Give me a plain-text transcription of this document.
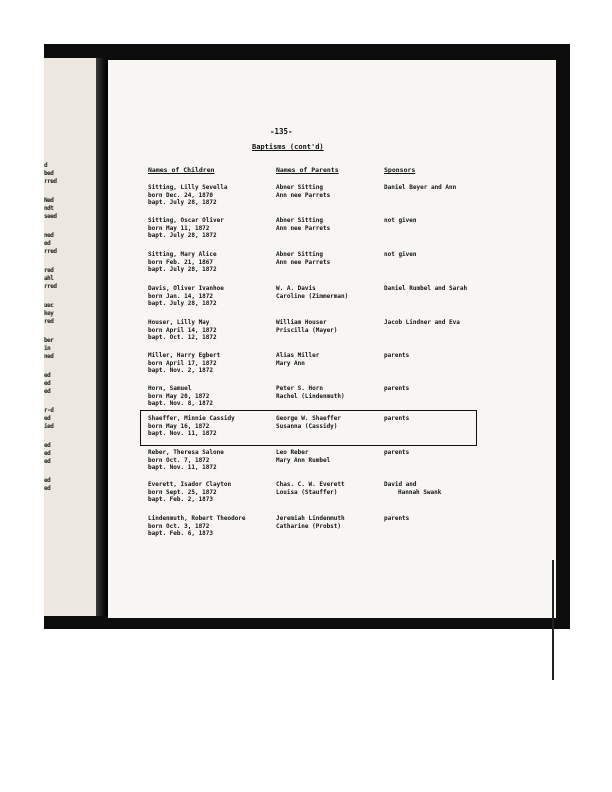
d
bed
rred
Ned
ndt
seed
ned
ed
rred
red
ahl
rred
uec
key
red
ber
in
ned
ed
ed
ed
r-d
ed
ied
ed
ed
ed
ed
ed
-135-
Baptisms (cont'd)
Names of Children	Names of Parents	Sponsors
Sitting, Lilly Sevella
born Dec. 24, 1870
bapt. July 28, 1872
Abner Sitting
Ann nee Parrets
Daniel Beyer and Ann
Sitting, Oscar Oliver
born May 11, 1872
bapt. July 28, 1872
Abner Sitting
Ann nee Parrets
not given
Sitting, Mary Alice
born Feb. 21, 1867
bapt. July 28, 1872
Abner Sitting
Ann nee Parrets
not given
Davis, Oliver Ivanhoe
born Jan. 14, 1872
bapt. July 28, 1872
W. A. Davis
Caroline (Zimmerman)
Daniel Rumbel and Sarah
Houser, Lilly May
born April 14, 1872
bapt. Oct. 12, 1872
William Houser
Priscilla (Mayer)
Jacob Lindner and Eva
Miller, Harry Egbert
born April 17, 1872
bapt. Nov. 2, 1872
Alias Miller
Mary Ann
parents
Horn, Samuel
born May 20, 1872
bapt. Nov. 8, 1872
Peter S. Horn
Rachel (Lindenmuth)
parents
Shaeffer, Minnie Cassidy
born May 16, 1872
bapt. Nov. 11, 1872
George W. Shaeffer
Susanna (Cassidy)
parents
Reber, Theresa Salone
born Oct. 7, 1872
bapt. Nov. 11, 1872
Leo Reber
Mary Ann Rumbel
parents
Everett, Isador Clayton
born Sept. 25, 1872
bapt. Feb. 2, 1873
Chas. C. W. Everett
Louisa (Stauffer)
David and
Hannah Swank
Lindenmuth, Robert Theodore
born Oct. 3, 1872
bapt. Feb. 6, 1873
Jeremiah Lindenmuth
Catharine (Probst)
parents
